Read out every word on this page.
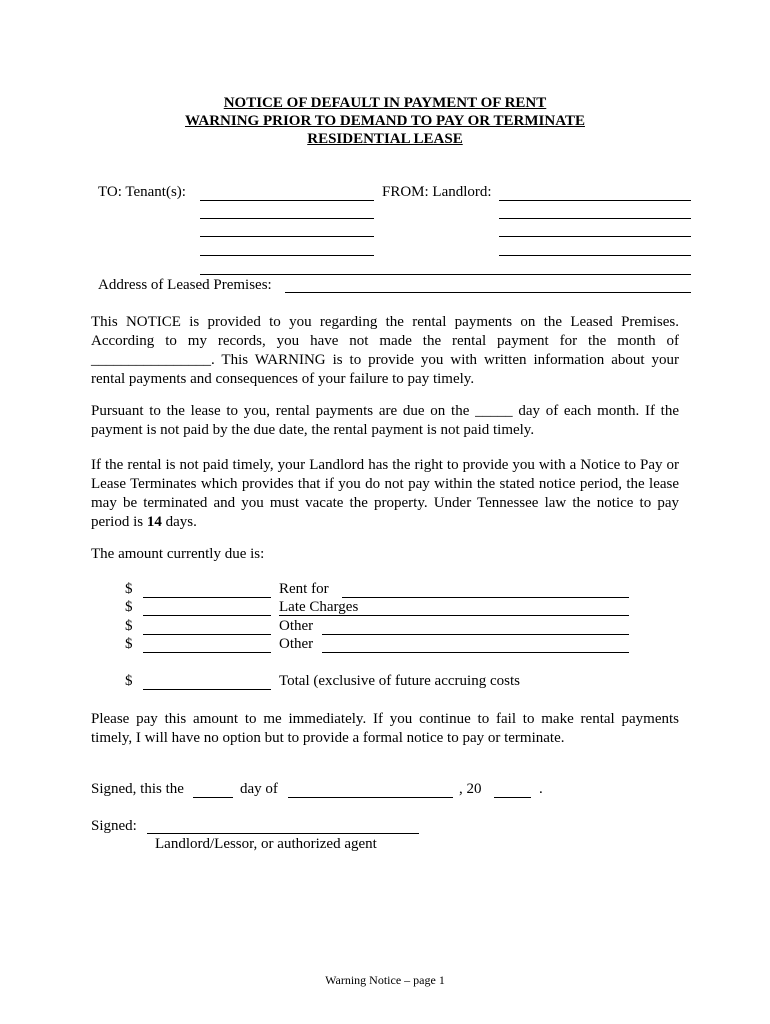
NOTICE OF DEFAULT IN PAYMENT OF RENT
WARNING PRIOR TO DEMAND TO PAY OR TERMINATE
RESIDENTIAL LEASE
TO: Tenant(s):	FROM: Landlord:
Address of Leased Premises:
This NOTICE is provided to you regarding the rental payments on the Leased Premises.
According to my records, you have not made the rental payment for the month of
________________. This WARNING is to provide you with written information about your
rental payments and consequences of your failure to pay timely.
Pursuant to the lease to you, rental payments are due on the _____ day of each month. If the
payment is not paid by the due date, the rental payment is not paid timely.
If the rental is not paid timely, your Landlord has the right to provide you with a Notice to Pay or
Lease Terminates which provides that if you do not pay within the stated notice period, the lease
may be terminated and you must vacate the property. Under Tennessee law the notice to pay
period is 14 days.
The amount currently due is:
$	Rent for
$	Late Charges
$	Other
$	Other
$	Total (exclusive of future accruing costs
Please pay this amount to me immediately. If you continue to fail to make rental payments
timely, I will have no option but to provide a formal notice to pay or terminate.
Signed, this the	day of	, 20	.
Signed:
Landlord/Lessor, or authorized agent
Warning Notice – page 1
